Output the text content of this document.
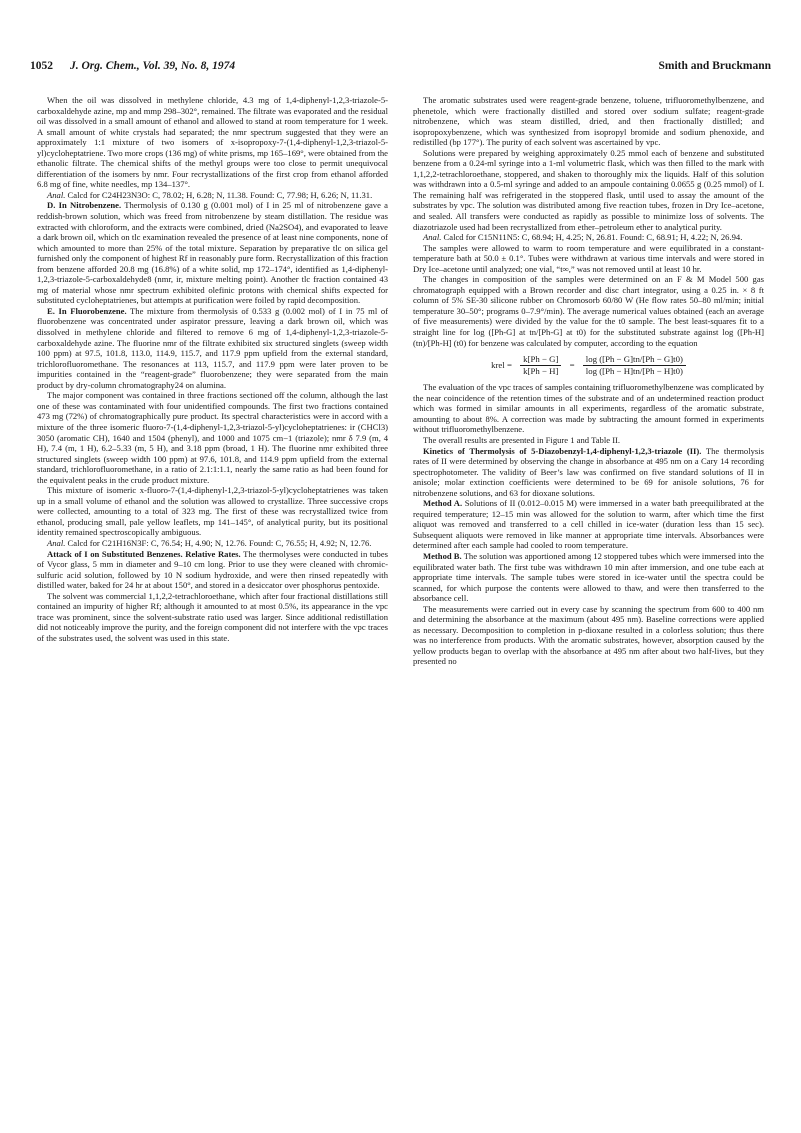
1052 J. Org. Chem., Vol. 39, No. 8, 1974	Smith and Bruckmann

When the oil was dissolved in methylene chloride, 4.3 mg of 1,4-diphenyl-1,2,3-triazole-5-carboxaldehyde azine, mp and mmp 298–302°, remained. The filtrate was evaporated and the residual oil was dissolved in a small amount of ethanol and allowed to stand at room temperature for 1 week. A small amount of white crystals had separated; the nmr spectrum suggested that they were an approximately 1:1 mixture of two isomers of x-isopropoxy-7-(1,4-diphenyl-1,2,3-triazol-5-yl)cycloheptatriene. Two more crops (136 mg) of white prisms, mp 165–169°, were obtained from the ethanolic filtrate. The chemical shifts of the methyl groups were too close to permit unequivocal differentiation of the isomers by nmr. Four recrystallizations of the first crop from ethanol afforded 6.8 mg of fine, white needles, mp 134–137°.

Anal. Calcd for C24H23N3O: C, 78.02; H, 6.28; N, 11.38. Found: C, 77.98; H, 6.26; N, 11.31.

D. In Nitrobenzene. Thermolysis of 0.130 g (0.001 mol) of I in 25 ml of nitrobenzene gave a reddish-brown solution, which was freed from nitrobenzene by steam distillation. The residue was extracted with chloroform, and the extracts were combined, dried (Na2SO4), and evaporated to leave a dark brown oil, which on tlc examination revealed the presence of at least nine components, none of which amounted to more than 25% of the total mixture. Separation by preparative tlc on silica gel furnished only the component of highest Rf in reasonably pure form. Recrystallization of this fraction from benzene afforded 20.8 mg (16.8%) of a white solid, mp 172–174°, identified as 1,4-diphenyl-1,2,3-triazole-5-carboxaldehyde8 (nmr, ir, mixture melting point). Another tlc fraction contained 43 mg of material whose nmr spectrum exhibited olefinic protons with chemical shifts expected for substituted cycloheptatrienes, but attempts at purification were foiled by rapid decomposition.

E. In Fluorobenzene. The mixture from thermolysis of 0.533 g (0.002 mol) of I in 75 ml of fluorobenzene was concentrated under aspirator pressure, leaving a dark brown oil, which was dissolved in methylene chloride and filtered to remove 6 mg of 1,4-diphenyl-1,2,3-triazole-5-carboxaldehyde azine. The fluorine nmr of the filtrate exhibited six structured singlets (sweep width 100 ppm) at 97.5, 101.8, 113.0, 114.9, 115.7, and 117.9 ppm upfield from the external standard, trichlorofluoromethane. The resonances at 113, 115.7, and 117.9 ppm were later proven to be impurities contained in the “reagent-grade” fluorobenzene; they were separated from the main product by dry-column chromatography24 on alumina.

The major component was contained in three fractions sectioned off the column, although the last one of these was contaminated with four unidentified compounds. The first two fractions contained 473 mg (72%) of chromatographically pure product. Its spectral characteristics were in accord with a mixture of the three isomeric fluoro-7-(1,4-diphenyl-1,2,3-triazol-5-yl)cycloheptatrienes: ir (CHCl3) 3050 (aromatic CH), 1640 and 1504 (phenyl), and 1000 and 1075 cm−1 (triazole); nmr δ 7.9 (m, 4 H), 7.4 (m, 1 H), 6.2–5.33 (m, 5 H), and 3.18 ppm (broad, 1 H). The fluorine nmr exhibited three structured singlets (sweep width 100 ppm) at 97.6, 101.8, and 114.9 ppm upfield from the external standard, trichlorofluoromethane, in a ratio of 2.1:1:1.1, nearly the same ratio as had been found for the equivalent peaks in the crude product mixture.

This mixture of isomeric x-fluoro-7-(1,4-diphenyl-1,2,3-triazol-5-yl)cycloheptatrienes was taken up in a small volume of ethanol and the solution was allowed to crystallize. Three successive crops were collected, amounting to a total of 323 mg. The first of these was recrystallized twice from ethanol, producing small, pale yellow leaflets, mp 141–145°, of analytical purity, but its positional identity remained spectroscopically ambiguous.

Anal. Calcd for C21H16N3F: C, 76.54; H, 4.90; N, 12.76. Found: C, 76.55; H, 4.92; N, 12.76.

Attack of I on Substituted Benzenes. Relative Rates. The thermolyses were conducted in tubes of Vycor glass, 5 mm in diameter and 9–10 cm long. Prior to use they were cleaned with chromic-sulfuric acid solution, followed by 10 N sodium hydroxide, and were then rinsed repeatedly with distilled water, baked for 24 hr at about 150°, and stored in a desiccator over phosphorus pentoxide.

The solvent was commercial 1,1,2,2-tetrachloroethane, which after four fractional distillations still contained an impurity of higher Rf; although it amounted to at most 0.5%, its appearance in the vpc trace was prominent, since the solvent-substrate ratio used was larger. Since additional redistillation did not noticeably improve the purity, and the foreign component did not interfere with the vpc traces of the substrates used, the solvent was used in this state.

The aromatic substrates used were reagent-grade benzene, toluene, trifluoromethylbenzene, and phenetole, which were fractionally distilled and stored over sodium sulfate; reagent-grade nitrobenzene, which was steam distilled, dried, and then fractionally distilled; and isopropoxybenzene, which was synthesized from isopropyl bromide and sodium phenoxide, and redistilled (bp 177°). The purity of each solvent was ascertained by vpc.

Solutions were prepared by weighing approximately 0.25 mmol each of benzene and substituted benzene from a 0.24-ml syringe into a 1-ml volumetric flask, which was then filled to the mark with 1,1,2,2-tetrachloroethane, stoppered, and shaken to thoroughly mix the liquids. Half of this solution was withdrawn into a 0.5-ml syringe and added to an ampoule containing 0.0655 g (0.25 mmol) of I. The remaining half was refrigerated in the stoppered flask, until used to assay the amount of the substrates by vpc. The solution was distributed among five reaction tubes, frozen in Dry Ice–acetone, and sealed. All transfers were conducted as rapidly as possible to minimize loss of solvents. The diazotriazole used had been recrystallized from ether–petroleum ether to analytical purity.

Anal. Calcd for C15N11N5: C, 68.94; H, 4.25; N, 26.81. Found: C, 68.91; H, 4.22; N, 26.94.

The samples were allowed to warm to room temperature and were equilibrated in a constant-temperature bath at 50.0 ± 0.1°. Tubes were withdrawn at various time intervals and were stored in Dry Ice–acetone until analyzed; one vial, “t∞,” was not removed until at least 10 hr.

The changes in composition of the samples were determined on an F & M Model 500 gas chromatograph equipped with a Brown recorder and disc chart integrator, using a 0.25 in. × 8 ft column of 5% SE-30 silicone rubber on Chromosorb 60/80 W (He flow rates 50–80 ml/min; initial temperature 30–50°; programs 0–7.9°/min). The average numerical values obtained (each an average of five measurements) were divided by the value for the t0 sample. The best least-squares fit to a straight line for log ([Ph-G] at tn/[Ph-G] at t0) for the substituted substrate against log ([Ph-H] (tn)/[Ph-H] (t0) for benzene was calculated by computer, according to the equation

krel = $\frac{k[Ph - G]}{k[Ph - H]} = \frac{\log ([Ph - G]tn/[Ph - G]t0)}{\log ([Ph - H]tn/[Ph - H]t0)}$

The evaluation of the vpc traces of samples containing trifluoromethylbenzene was complicated by the near coincidence of the retention times of the substrate and of an undetermined reaction product which was formed in similar amounts in all experiments, regardless of the aromatic substrate, amounting to about 8%. A correction was made by subtracting the amount formed in experiments without trifluoromethylbenzene.

The overall results are presented in Figure 1 and Table II.

Kinetics of Thermolysis of 5-Diazobenzyl-1,4-diphenyl-1,2,3-triazole (II). The thermolysis rates of II were determined by observing the change in absorbance at 495 nm on a Cary 14 recording spectrophotometer. The validity of Beer’s law was confirmed on five standard solutions of II in anisole; molar extinction coefficients were determined to be 69 for anisole solutions, 76 for nitrobenzene solutions, and 63 for dioxane solutions.

Method A. Solutions of II (0.012–0.015 M) were immersed in a water bath preequilibrated at the required temperature; 12–15 min was allowed for the solution to warm, after which time the first aliquot was removed and transferred to a cell chilled in ice-water (duration less than 15 sec). Subsequent aliquots were removed in like manner at appropriate time intervals. Absorbances were determined after each sample had cooled to room temperature.

Method B. The solution was apportioned among 12 stoppered tubes which were immersed into the equilibrated water bath. The first tube was withdrawn 10 min after immersion, and one tube each at appropriate time intervals. The sample tubes were stored in ice-water until the spectra could be scanned, for which purpose the contents were allowed to thaw, and were then transferred to the absorbance cell.

The measurements were carried out in every case by scanning the spectrum from 600 to 400 nm and determining the absorbance at the maximum (about 495 nm). Baseline corrections were applied as necessary. Decomposition to completion in p-dioxane resulted in a colorless solution; thus there was no interference from products. With the aromatic substrates, however, absorption caused by the yellow products began to overlap with the absorbance at 495 nm after about two half-lives, but they presented no
